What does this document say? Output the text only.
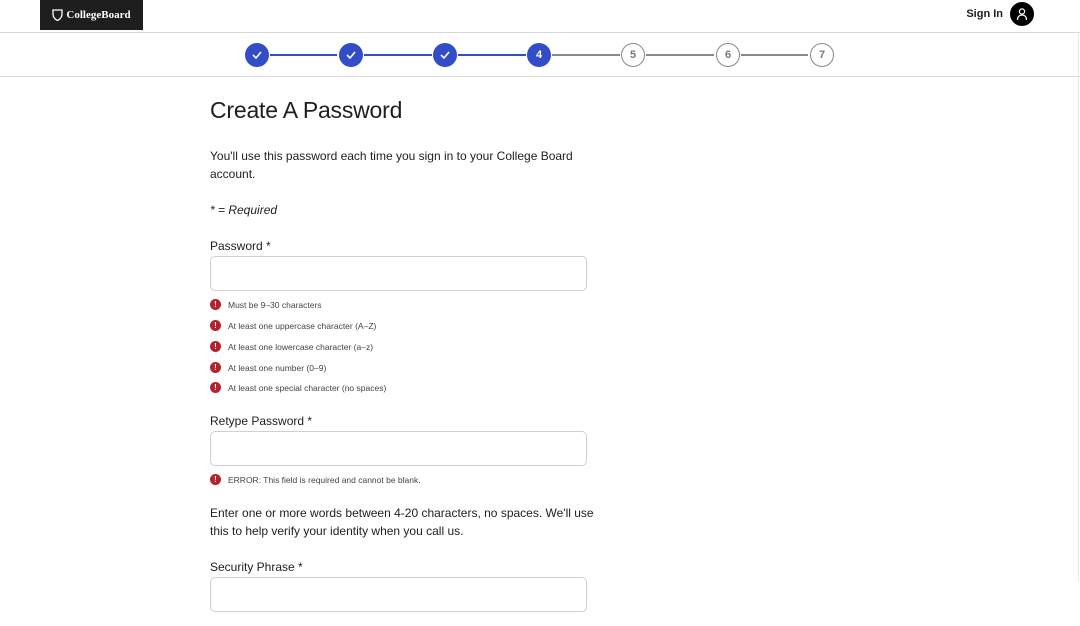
CollegeBoard	Sign In
4	5	6	7
Create A Password
You'll use this password each time you sign in to your College Board account.
* = Required
Password *
!	Must be 9–30 characters
!	At least one uppercase character (A–Z)
!	At least one lowercase character (a–z)
!	At least one number (0–9)
!	At least one special character (no spaces)
Retype Password *
!	ERROR: This field is required and cannot be blank.
Enter one or more words between 4-20 characters, no spaces. We'll use this to help verify your identity when you call us.
Security Phrase *
